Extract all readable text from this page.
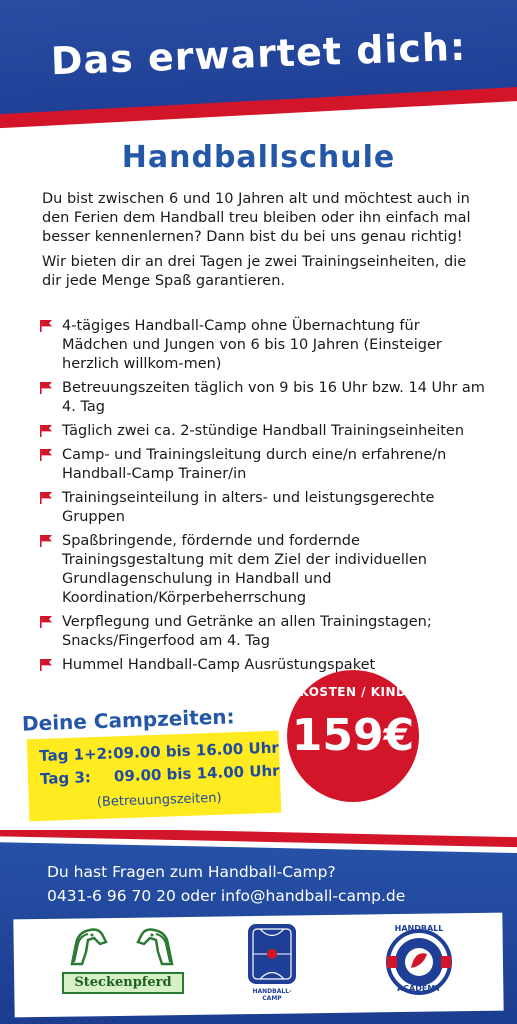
Das erwartet dich:
Handballschule

Du bist zwischen 6 und 10 Jahren alt und möchtest auch in den Ferien dem Handball treu bleiben oder ihn einfach mal besser kennenlernen? Dann bist du bei uns genau richtig!

Wir bieten dir an drei Tagen je zwei Trainingseinheiten, die dir jede Menge Spaß garantieren.

4-tägiges Handball-Camp ohne Übernachtung für Mädchen und Jungen von 6 bis 10 Jahren (Einsteiger herzlich willkom-men)
Betreuungszeiten täglich von 9 bis 16 Uhr bzw. 14 Uhr am 4. Tag
Täglich zwei ca. 2-stündige Handball Trainingseinheiten
Camp- und Trainingsleitung durch eine/n erfahrene/n Handball-Camp Trainer/in
Trainingseinteilung in alters- und leistungsgerechte Gruppen
Spaßbringende, fördernde und fordernde Trainingsgestaltung mit dem Ziel der individuellen Grundlagenschulung in Handball und Koordination/Körperbeherrschung
Verpflegung und Getränke an allen Trainingstagen; Snacks/Fingerfood am 4. Tag
Hummel Handball-Camp Ausrüstungspaket
KOSTEN / KIND
159€
Deine Campzeiten:
Tag 1+2:09.00 bis 16.00 Uhr
Tag 3: 09.00 bis 14.00 Uhr
(Betreuungszeiten)
Du hast Fragen zum Handball-Camp?
0431-6 96 70 20 oder info@handball-camp.de
Steckenpferd
HANDBALL-CAMP
HANDBALL
ACADEMY
